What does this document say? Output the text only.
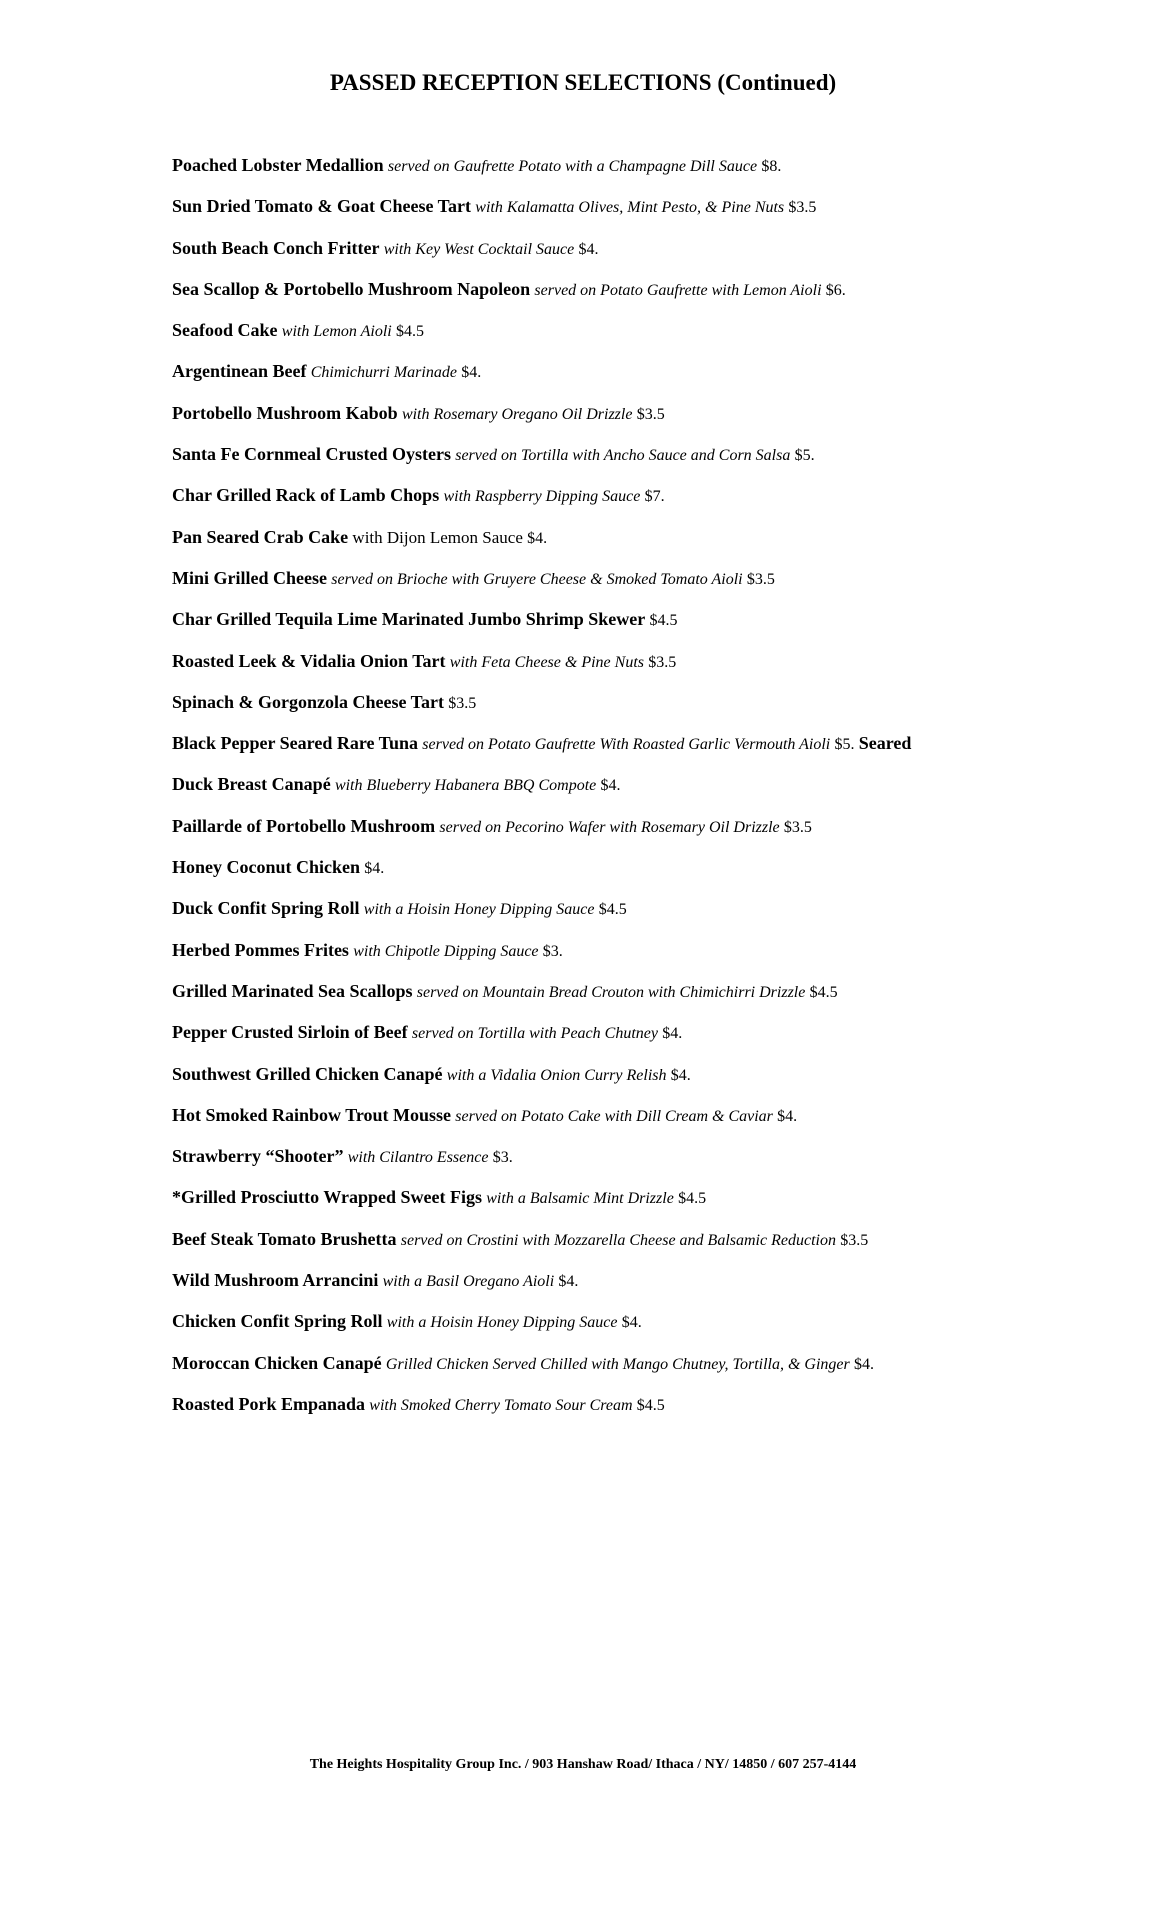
PASSED RECEPTION SELECTIONS (Continued)
Poached Lobster Medallion served on Gaufrette Potato with a Champagne Dill Sauce $8.
Sun Dried Tomato & Goat Cheese Tart with Kalamatta Olives, Mint Pesto, & Pine Nuts $3.5
South Beach Conch Fritter with Key West Cocktail Sauce $4.
Sea Scallop & Portobello Mushroom Napoleon served on Potato Gaufrette with Lemon Aioli $6.
Seafood Cake with Lemon Aioli $4.5
Argentinean Beef Chimichurri Marinade $4.
Portobello Mushroom Kabob with Rosemary Oregano Oil Drizzle $3.5
Santa Fe Cornmeal Crusted Oysters served on Tortilla with Ancho Sauce and Corn Salsa $5.
Char Grilled Rack of Lamb Chops with Raspberry Dipping Sauce $7.
Pan Seared Crab Cake with Dijon Lemon Sauce $4.
Mini Grilled Cheese served on Brioche with Gruyere Cheese & Smoked Tomato Aioli $3.5
Char Grilled Tequila Lime Marinated Jumbo Shrimp Skewer $4.5
Roasted Leek & Vidalia Onion Tart with Feta Cheese & Pine Nuts $3.5
Spinach & Gorgonzola Cheese Tart $3.5
Black Pepper Seared Rare Tuna served on Potato Gaufrette With Roasted Garlic Vermouth Aioli $5. Seared
Duck Breast Canapé with Blueberry Habanera BBQ Compote $4.
Paillarde of Portobello Mushroom served on Pecorino Wafer with Rosemary Oil Drizzle $3.5
Honey Coconut Chicken $4.
Duck Confit Spring Roll with a Hoisin Honey Dipping Sauce $4.5
Herbed Pommes Frites with Chipotle Dipping Sauce $3.
Grilled Marinated Sea Scallops served on Mountain Bread Crouton with Chimichirri Drizzle $4.5
Pepper Crusted Sirloin of Beef served on Tortilla with Peach Chutney $4.
Southwest Grilled Chicken Canapé with a Vidalia Onion Curry Relish $4.
Hot Smoked Rainbow Trout Mousse served on Potato Cake with Dill Cream & Caviar $4.
Strawberry “Shooter” with Cilantro Essence $3.
*Grilled Prosciutto Wrapped Sweet Figs with a Balsamic Mint Drizzle $4.5
Beef Steak Tomato Brushetta served on Crostini with Mozzarella Cheese and Balsamic Reduction $3.5
Wild Mushroom Arrancini with a Basil Oregano Aioli $4.
Chicken Confit Spring Roll with a Hoisin Honey Dipping Sauce $4.
Moroccan Chicken Canapé Grilled Chicken Served Chilled with Mango Chutney, Tortilla, & Ginger $4.
Roasted Pork Empanada with Smoked Cherry Tomato Sour Cream $4.5
The Heights Hospitality Group Inc. / 903 Hanshaw Road/ Ithaca / NY/ 14850 / 607 257-4144
